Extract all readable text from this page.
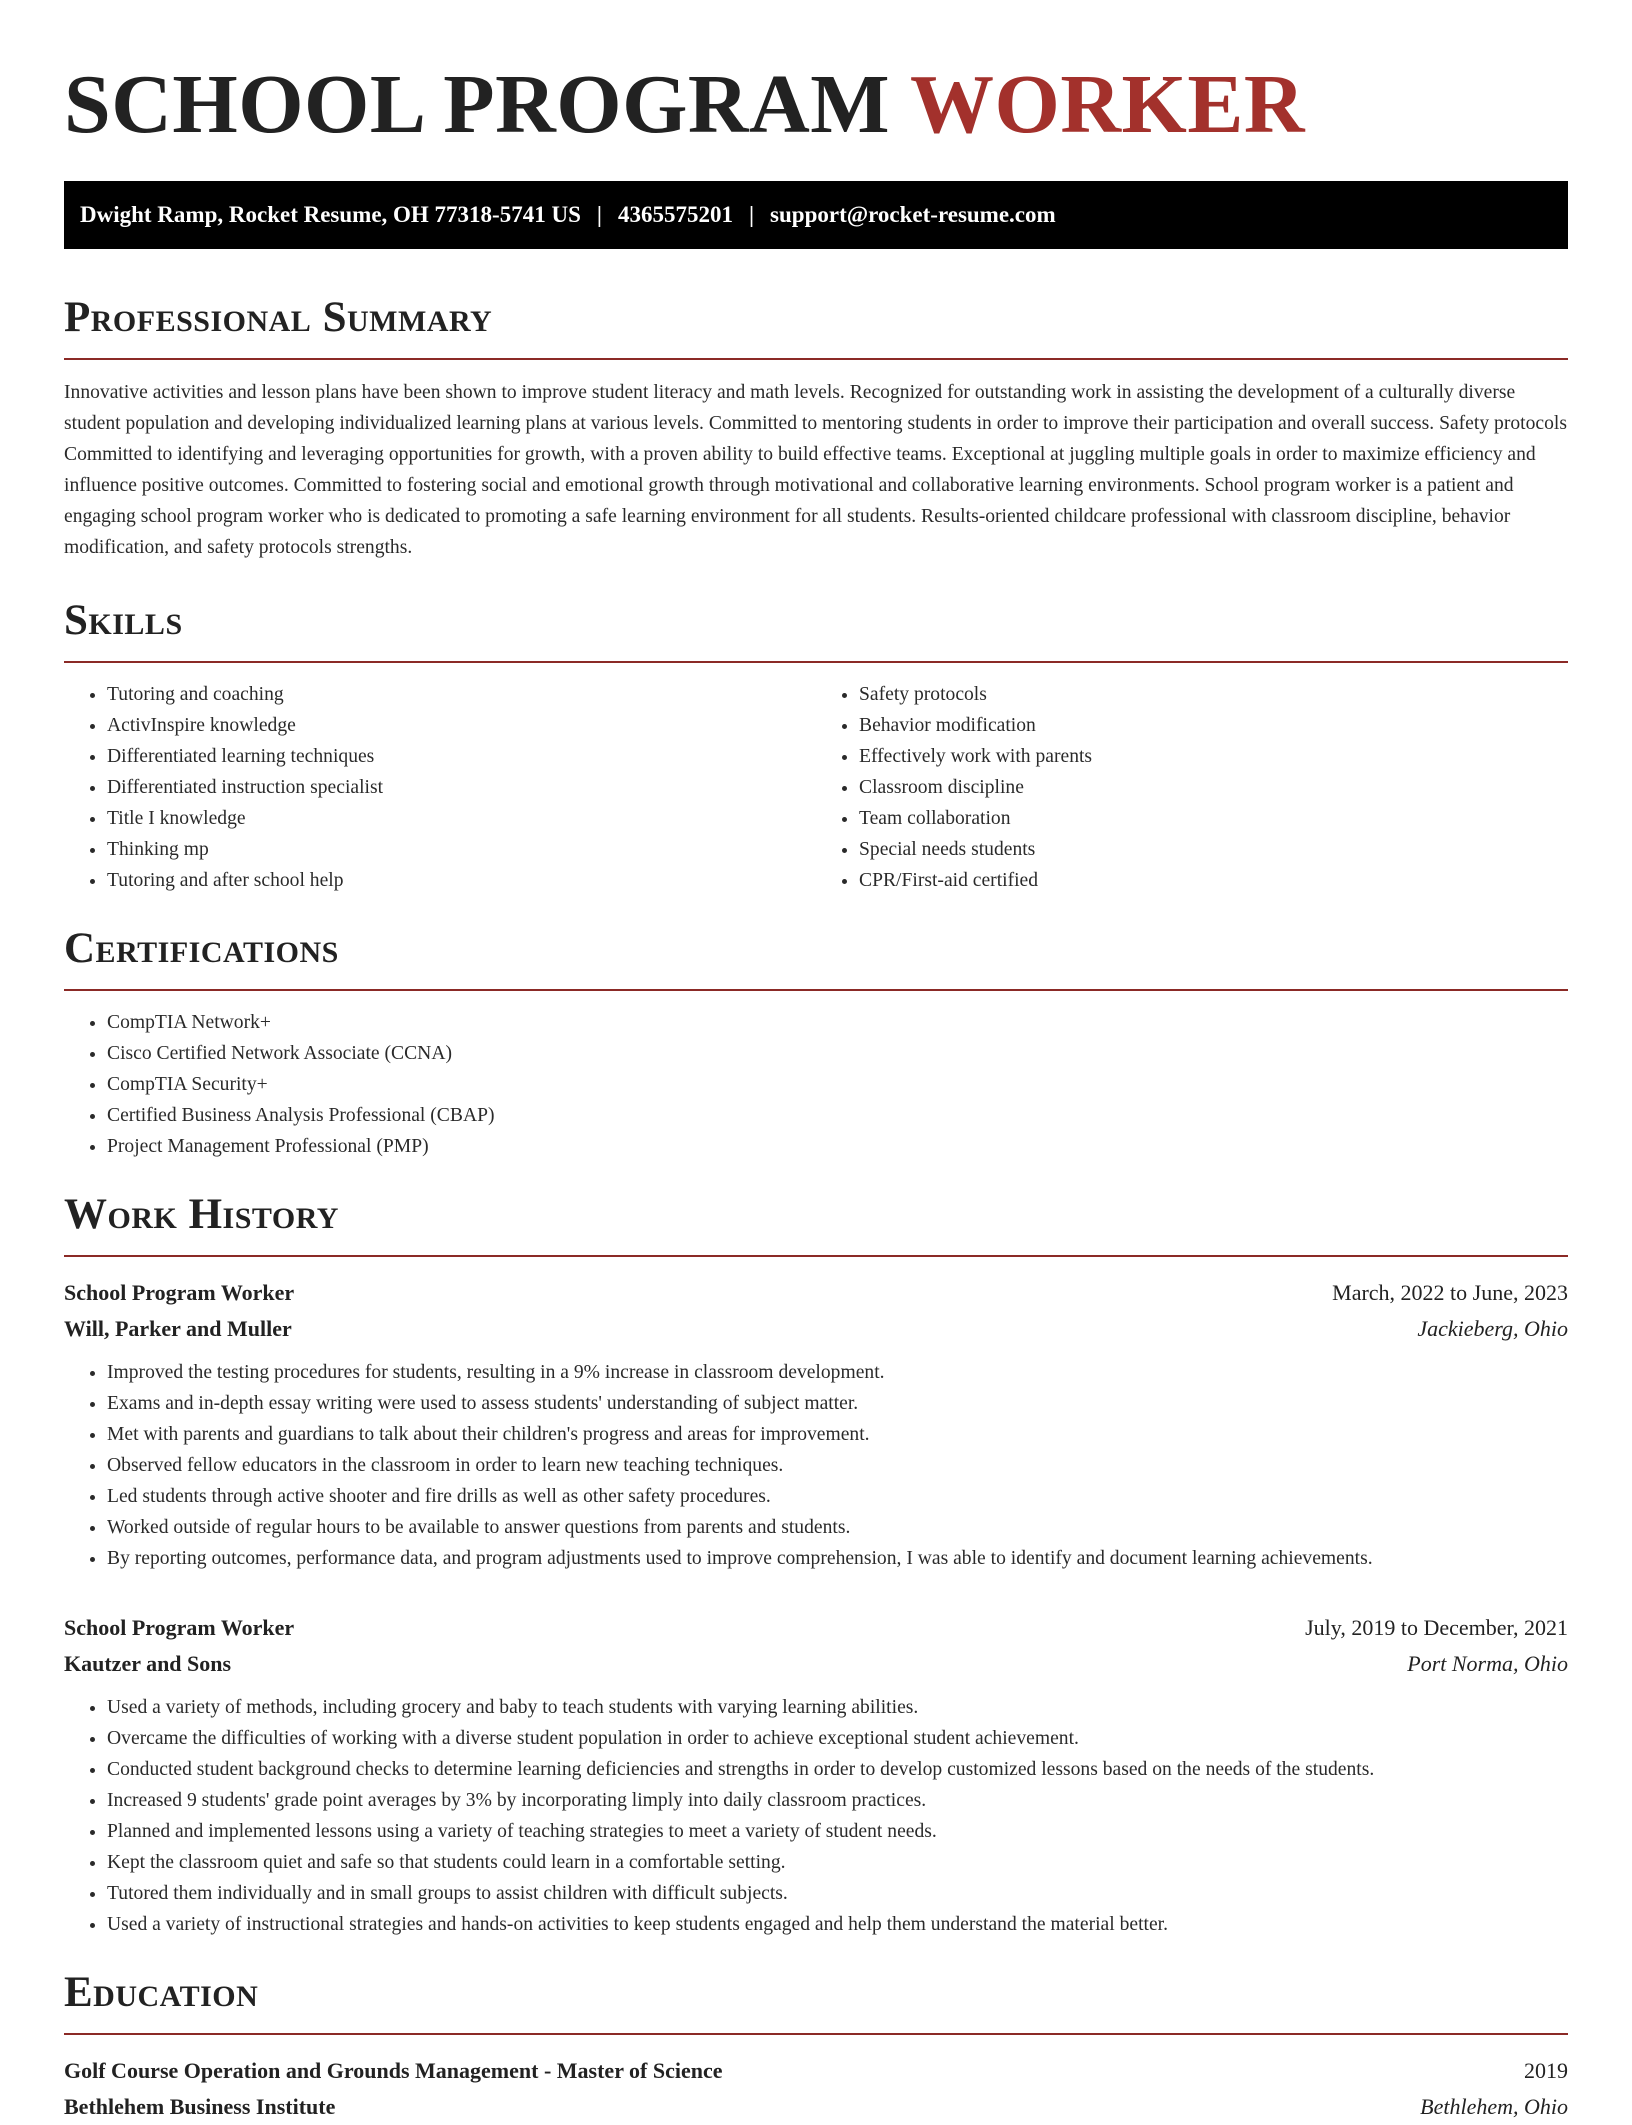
SCHOOL PROGRAM WORKER
Dwight Ramp, Rocket Resume, OH 77318-5741 US | 4365575201 | support@rocket-resume.com
Professional Summary

Innovative activities and lesson plans have been shown to improve student literacy and math levels. Recognized for outstanding work in assisting the development of a culturally diverse student population and developing individualized learning plans at various levels. Committed to mentoring students in order to improve their participation and overall success. Safety protocols Committed to identifying and leveraging opportunities for growth, with a proven ability to build effective teams. Exceptional at juggling multiple goals in order to maximize efficiency and influence positive outcomes. Committed to fostering social and emotional growth through motivational and collaborative learning environments. School program worker is a patient and engaging school program worker who is dedicated to promoting a safe learning environment for all students. Results-oriented childcare professional with classroom discipline, behavior modification, and safety protocols strengths.

Skills
• Tutoring and coaching
• ActivInspire knowledge
• Differentiated learning techniques
• Differentiated instruction specialist
• Title I knowledge
• Thinking mp
• Tutoring and after school help
• Safety protocols
• Behavior modification
• Effectively work with parents
• Classroom discipline
• Team collaboration
• Special needs students
• CPR/First-aid certified
Certifications
• CompTIA Network+
• Cisco Certified Network Associate (CCNA)
• CompTIA Security+
• Certified Business Analysis Professional (CBAP)
• Project Management Professional (PMP)
Work History
School Program Worker	March, 2022 to June, 2023
Will, Parker and Muller	Jackieberg, Ohio
• Improved the testing procedures for students, resulting in a 9% increase in classroom development.
• Exams and in-depth essay writing were used to assess students' understanding of subject matter.
• Met with parents and guardians to talk about their children's progress and areas for improvement.
• Observed fellow educators in the classroom in order to learn new teaching techniques.
• Led students through active shooter and fire drills as well as other safety procedures.
• Worked outside of regular hours to be available to answer questions from parents and students.
• By reporting outcomes, performance data, and program adjustments used to improve comprehension, I was able to identify and document learning achievements.
School Program Worker	July, 2019 to December, 2021
Kautzer and Sons	Port Norma, Ohio
• Used a variety of methods, including grocery and baby to teach students with varying learning abilities.
• Overcame the difficulties of working with a diverse student population in order to achieve exceptional student achievement.
• Conducted student background checks to determine learning deficiencies and strengths in order to develop customized lessons based on the needs of the students.
• Increased 9 students' grade point averages by 3% by incorporating limply into daily classroom practices.
• Planned and implemented lessons using a variety of teaching strategies to meet a variety of student needs.
• Kept the classroom quiet and safe so that students could learn in a comfortable setting.
• Tutored them individually and in small groups to assist children with difficult subjects.
• Used a variety of instructional strategies and hands-on activities to keep students engaged and help them understand the material better.
Education
Golf Course Operation and Grounds Management - Master of Science	2019
Bethlehem Business Institute	Bethlehem, Ohio
